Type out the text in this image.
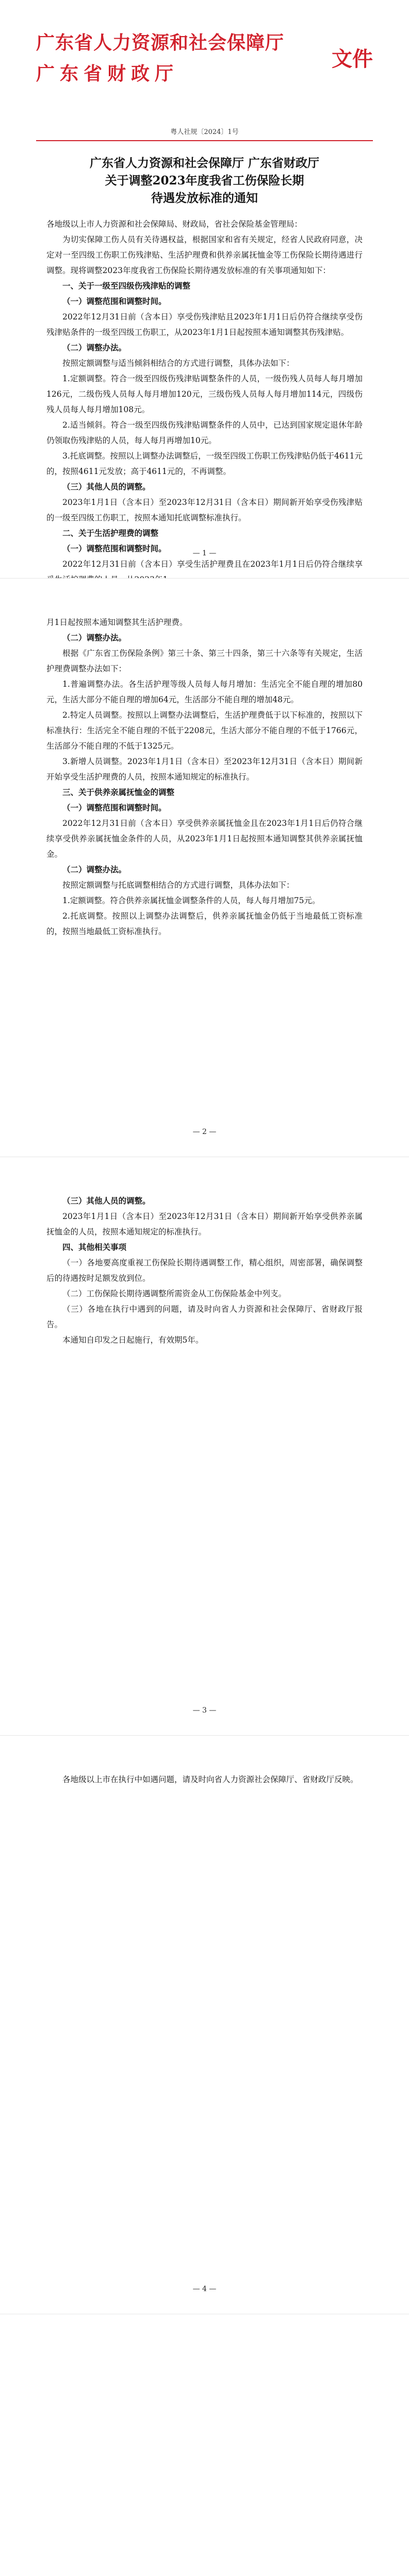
广东省人力资源和社会保障厅
广东省财政厅
文件
粤人社规〔2024〕1号
广东省人力资源和社会保障厅 广东省财政厅
关于调整2023年度我省工伤保险长期
待遇发放标准的通知

各地级以上市人力资源和社会保障局、财政局，省社会保险基金管理局：

为切实保障工伤人员有关待遇权益，根据国家和省有关规定，经省人民政府同意，决定对一至四级工伤职工伤残津贴、生活护理费和供养亲属抚恤金等工伤保险长期待遇进行调整。现将调整2023年度我省工伤保险长期待遇发放标准的有关事项通知如下：

一、关于一级至四级伤残津贴的调整

（一）调整范围和调整时间。

2022年12月31日前（含本日）享受伤残津贴且2023年1月1日后仍符合继续享受伤残津贴条件的一级至四级工伤职工，从2023年1月1日起按照本通知调整其伤残津贴。

（二）调整办法。

按照定额调整与适当倾斜相结合的方式进行调整，具体办法如下：

1.定额调整。符合一级至四级伤残津贴调整条件的人员，一级伤残人员每人每月增加126元，二级伤残人员每人每月增加120元，三级伤残人员每人每月增加114元，四级伤残人员每人每月增加108元。

2.适当倾斜。符合一级至四级伤残津贴调整条件的人员中，已达到国家规定退休年龄仍领取伤残津贴的人员，每人每月再增加10元。

3.托底调整。按照以上调整办法调整后，一级至四级工伤职工伤残津贴仍低于4611元的，按照4611元发放；高于4611元的，不再调整。

（三）其他人员的调整。

2023年1月1日（含本日）至2023年12月31日（含本日）期间新开始享受伤残津贴的一级至四级工伤职工，按照本通知托底调整标准执行。

二、关于生活护理费的调整

（一）调整范围和调整时间。

2022年12月31日前（含本日）享受生活护理费且在2023年1月1日后仍符合继续享

— 1 —

月1日起按照本通知调整其生活护理费。

（二）调整办法。

根据《广东省工伤保险条例》第三十条、第三十四条，第三十六条等有关规定，生活护理费调整办法如下：

1.普遍调整办法。各生活护理等级人员每人每月增加：生活完全不能自理的增加80元，生活大部分不能自理的增加64元，生活部分不能自理的增加48元。

2.特定人员调整。按照以上调整办法调整后，生活护理费低于以下标准的，按照以下标准执行：生活完全不能自理的不低于2208元，生活大部分不能自理的不低于1766元，生活部分不能自理的不低于1325元。

3.新增人员调整。2023年1月1日（含本日）至2023年12月31日（含本日）期间新开始享受生活护理费的人员，按照本通知规定的标准执行。

三、关于供养亲属抚恤金的调整

（一）调整范围和调整时间。

2022年12月31日前（含本日）享受供养亲属抚恤金且在2023年1月1日后仍符合继续享受供养亲属抚恤金条件的人员，从2023年1月1日起按照本通知调整其供养亲属抚恤金。

（二）调整办法。

按照定额调整与托底调整相结合的方式进行调整，具体办法如下：

1.定额调整。符合供养亲属抚恤金调整条件的人员，每人每月增加75元。

2.托底调整。按照以上调整办法调整后，供养亲属抚恤金仍低于当地最低工资标准的，按照当地最低工资标准执行。

— 2 —

（三）其他人员的调整。

2023年1月1日（含本日）至2023年12月31日（含本日）期间新开始享受供养亲属抚恤金的人员，按照本通知规定的标准执行。

四、其他相关事项

（一）各地要高度重视工伤保险长期待遇调整工作，精心组织，周密部署，确保调整后的待遇按时足额发放到位。

（二）工伤保险长期待遇调整所需资金从工伤保险基金中列支。

（三）各地在执行中遇到的问题，请及时向省人力资源和社会保障厅、省财政厅报告。

本通知自印发之日起施行，有效期5年。

— 3 —

各地级以上市在执行中如遇问题，请及时向省人力资源社会保障厅、省财政厅反映。

— 4 —
